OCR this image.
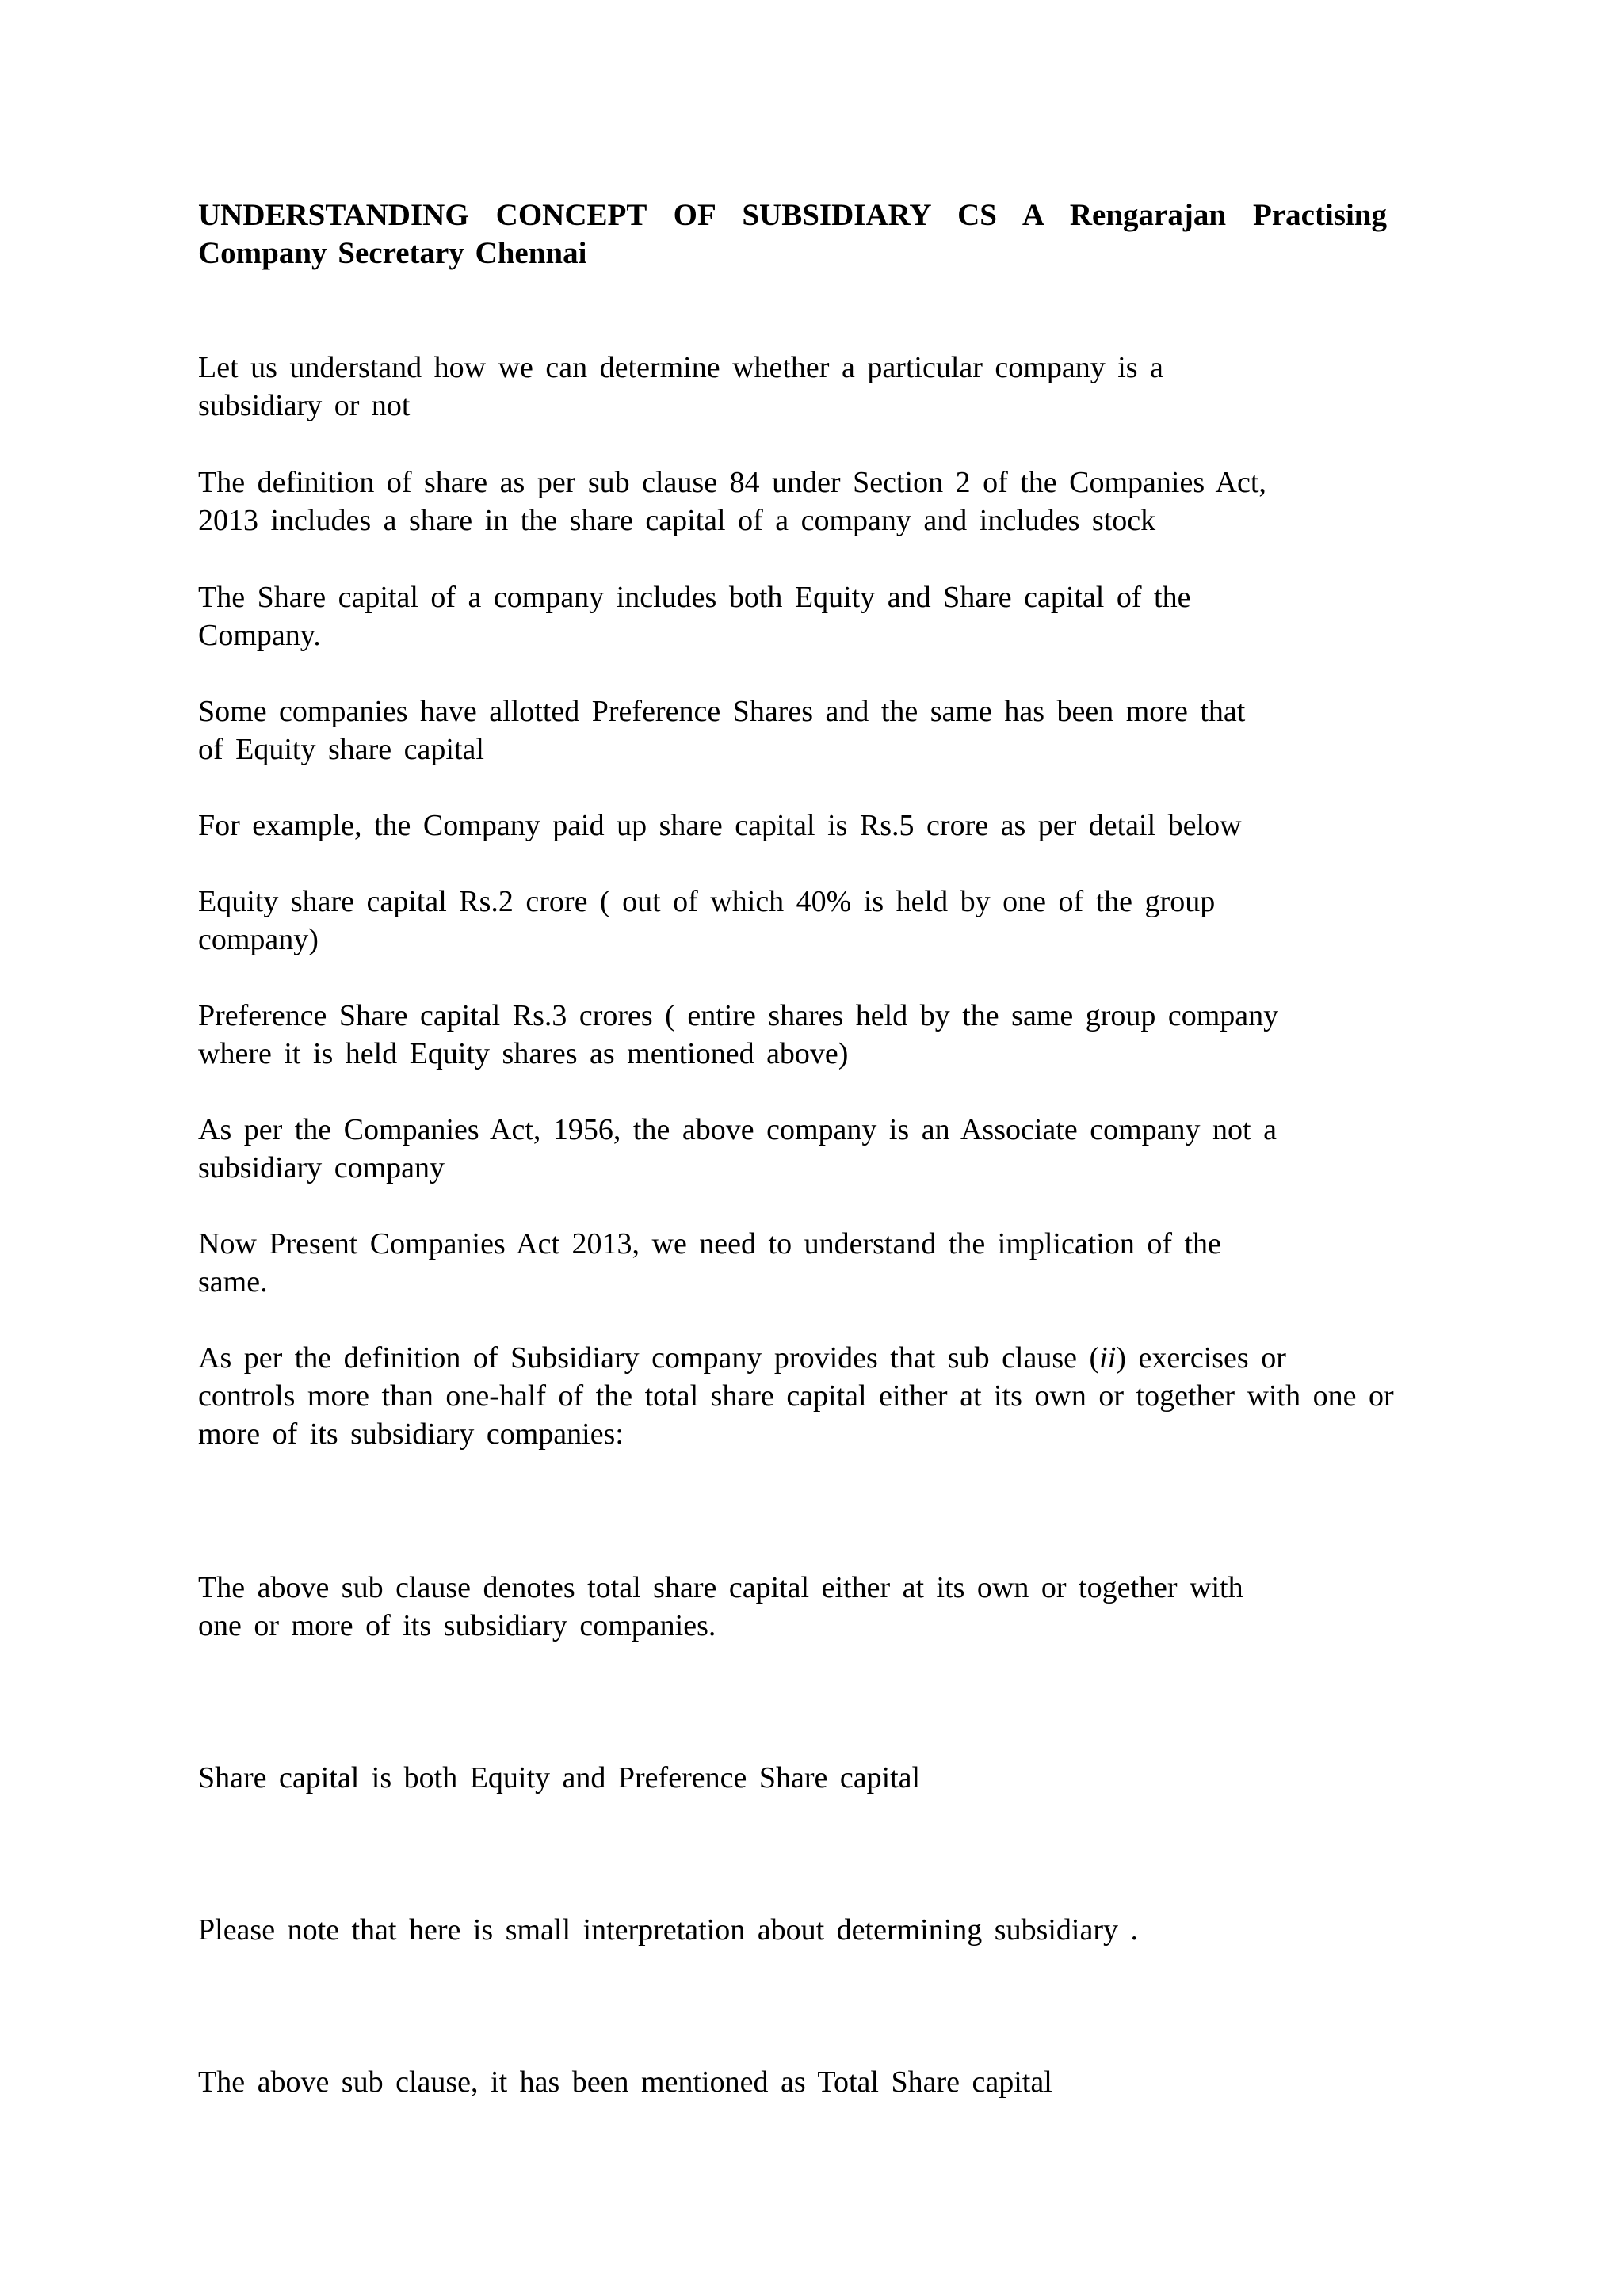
UNDERSTANDING CONCEPT OF SUBSIDIARY CS A Rengarajan Practising Company Secretary Chennai

Let us understand how we can determine whether a particular company is a
subsidiary or not

The definition of share as per sub clause 84 under Section 2 of the Companies Act,
2013 includes a share in the share capital of a company and includes stock

The Share capital of a company includes both Equity and Share capital of the
Company.

Some companies have allotted Preference Shares and the same has been more that
of Equity share capital

For example, the Company paid up share capital is Rs.5 crore as per detail below

Equity share capital Rs.2 crore ( out of which 40% is held by one of the group
company)

Preference Share capital Rs.3 crores ( entire shares held by the same group company
where it is held Equity shares as mentioned above)

As per the Companies Act, 1956, the above company is an Associate company not a
subsidiary company

Now Present Companies Act 2013, we need to understand the implication of the
same.

As per the definition of Subsidiary company provides that sub clause (ii) exercises or
controls more than one-half of the total share capital either at its own or together with one or
more of its subsidiary companies:

The above sub clause denotes total share capital either at its own or together with
one or more of its subsidiary companies.

Share capital is both Equity and Preference Share capital

Please note that here is small interpretation about determining subsidiary .

The above sub clause, it has been mentioned as Total Share capital
